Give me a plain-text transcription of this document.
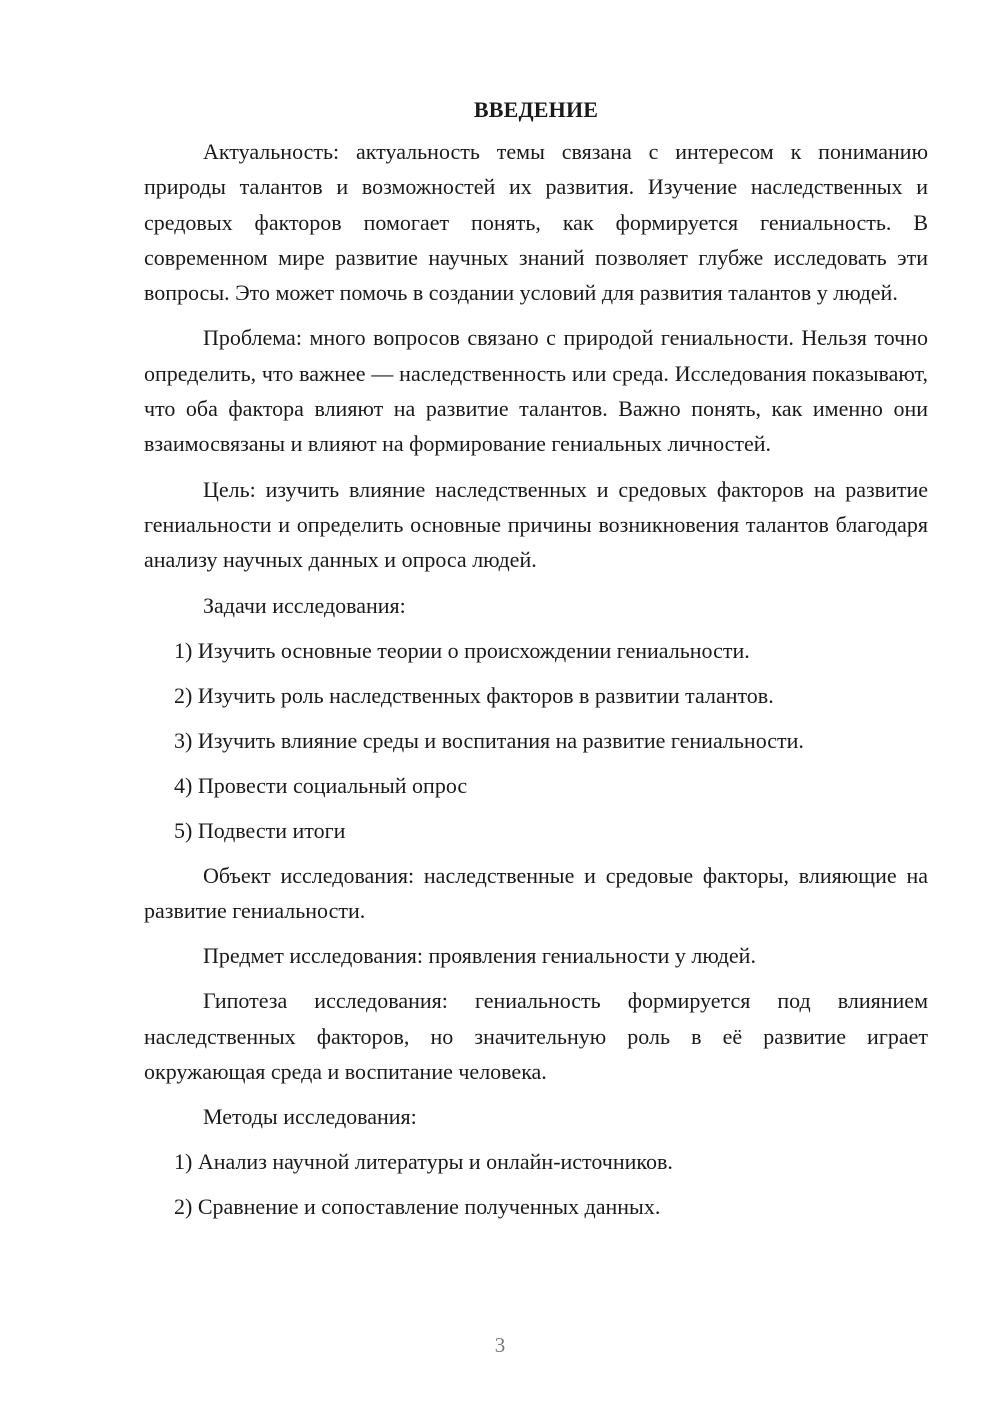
ВВЕДЕНИЕ

Актуальность: актуальность темы связана с интересом к пониманию природы талантов и возможностей их развития. Изучение наследственных и средовых факторов помогает понять, как формируется гениальность. В современном мире развитие научных знаний позволяет глубже исследовать эти вопросы. Это может помочь в создании условий для развития талантов у людей.

Проблема: много вопросов связано с природой гениальности. Нельзя точно определить, что важнее — наследственность или среда. Исследования показывают, что оба фактора влияют на развитие талантов. Важно понять, как именно они взаимосвязаны и влияют на формирование гениальных личностей.

Цель: изучить влияние наследственных и средовых факторов на развитие гениальности и определить основные причины возникновения талантов благодаря анализу научных данных и опроса людей.

Задачи исследования:
1) Изучить основные теории о происхождении гениальности.
2) Изучить роль наследственных факторов в развитии талантов.
3) Изучить влияние среды и воспитания на развитие гениальности.
4) Провести социальный опрос
5) Подвести итоги

Объект исследования: наследственные и средовые факторы, влияющие на развитие гениальности.

Предмет исследования: проявления гениальности у людей.

Гипотеза исследования: гениальность формируется под влиянием наследственных факторов, но значительную роль в её развитие играет окружающая среда и воспитание человека.

Методы исследования:
1) Анализ научной литературы и онлайн-источников.
2) Сравнение и сопоставление полученных данных.
3
